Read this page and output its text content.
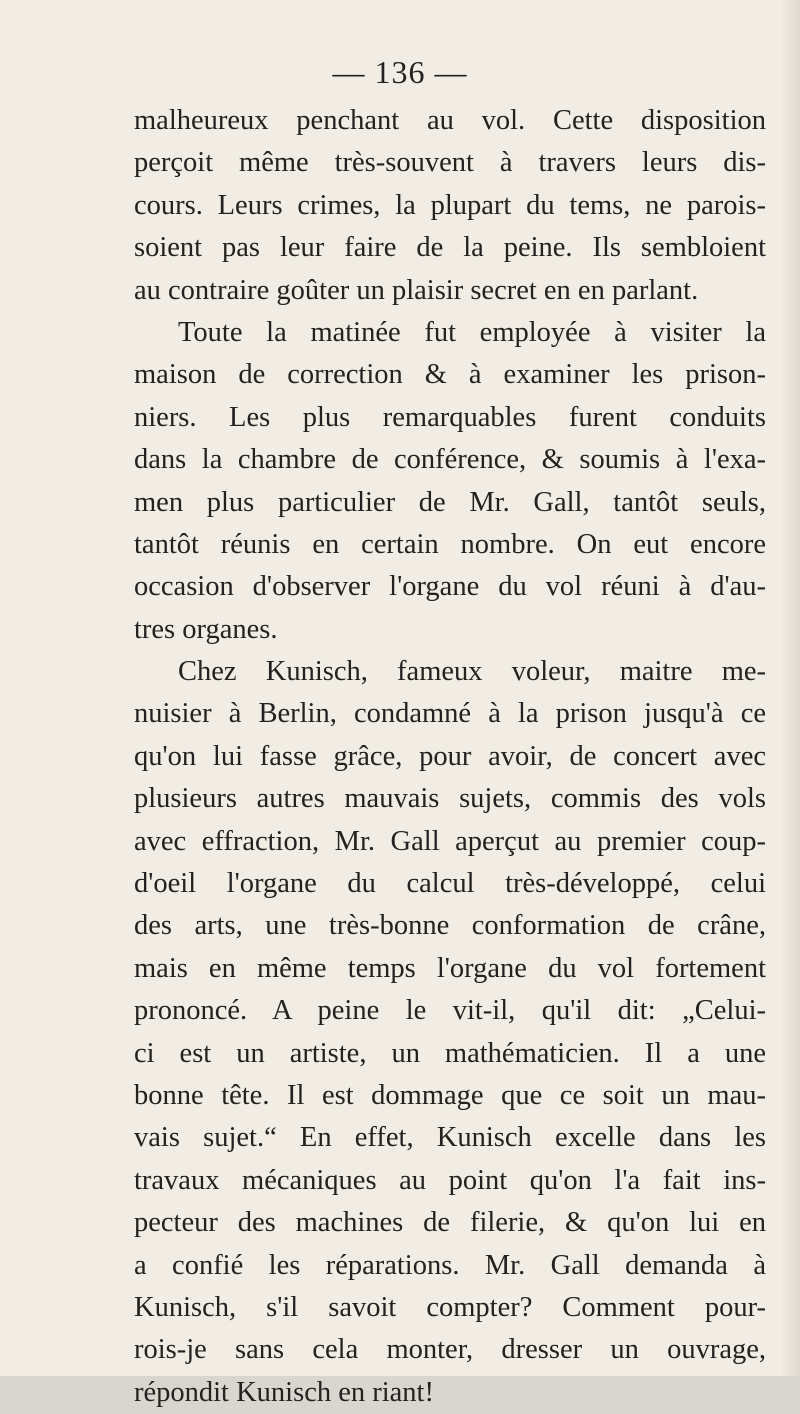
— 136 —
malheureux penchant au vol. Cette disposition
perçoit même très-souvent à travers leurs dis-
cours. Leurs crimes, la plupart du tems, ne parois-
soient pas leur faire de la peine. Ils sembloient
au contraire goûter un plaisir secret en en parlant.
Toute la matinée fut employée à visiter la
maison de correction & à examiner les prison-
niers. Les plus remarquables furent conduits
dans la chambre de conférence, & soumis à l'exa-
men plus particulier de Mr. Gall, tantôt seuls,
tantôt réunis en certain nombre. On eut encore
occasion d'observer l'organe du vol réuni à d'au-
tres organes.
Chez Kunisch, fameux voleur, maitre me-
nuisier à Berlin, condamné à la prison jusqu'à ce
qu'on lui fasse grâce, pour avoir, de concert avec
plusieurs autres mauvais sujets, commis des vols
avec effraction, Mr. Gall aperçut au premier coup-
d'oeil l'organe du calcul très-développé, celui
des arts, une très-bonne conformation de crâne,
mais en même temps l'organe du vol fortement
prononcé. A peine le vit-il, qu'il dit: „Celui-
ci est un artiste, un mathématicien. Il a une
bonne tête. Il est dommage que ce soit un mau-
vais sujet.“ En effet, Kunisch excelle dans les
travaux mécaniques au point qu'on l'a fait ins-
pecteur des machines de filerie, & qu'on lui en
a confié les réparations. Mr. Gall demanda à
Kunisch, s'il savoit compter? Comment pour-
rois-je sans cela monter, dresser un ouvrage,
répondit Kunisch en riant!
